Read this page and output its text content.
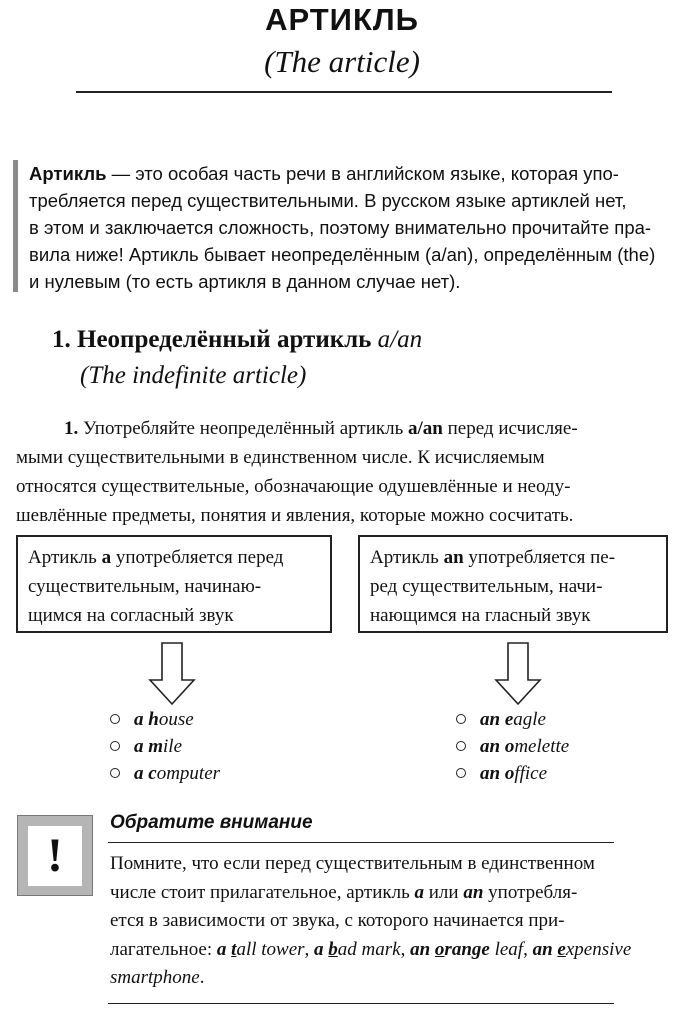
АРТИКЛЬ
(The article)
Артикль — это особая часть речи в английском языке, которая упо-
требляется перед существительными. В русском языке артиклей нет,
в этом и заключается сложность, поэтому внимательно прочитайте пра-
вила ниже! Артикль бывает неопределённым (a/an), определённым (the)
и нулевым (то есть артикля в данном случае нет).
1. Неопределённый артикль a/an
(The indefinite article)
1. Употребляйте неопределённый артикль a/an перед исчисляе-
мыми существительными в единственном числе. К исчисляемым
относятся существительные, обозначающие одушевлённые и неоду-
шевлённые предметы, понятия и явления, которые можно сосчитать.
Артикль a употребляется перед
существительным, начинаю-
щимся на согласный звук
Артикль an употребляется пе-
ред существительным, начи-
нающимся на гласный звук
a house
a mile
a computer
an eagle
an omelette
an office
!
Обратите внимание
Помните, что если перед существительным в единственном
числе стоит прилагательное, артикль a или an употребля-
ется в зависимости от звука, с которого начинается при-
лагательное: a tall tower, a bad mark, an orange leaf, an expensive
smartphone.
